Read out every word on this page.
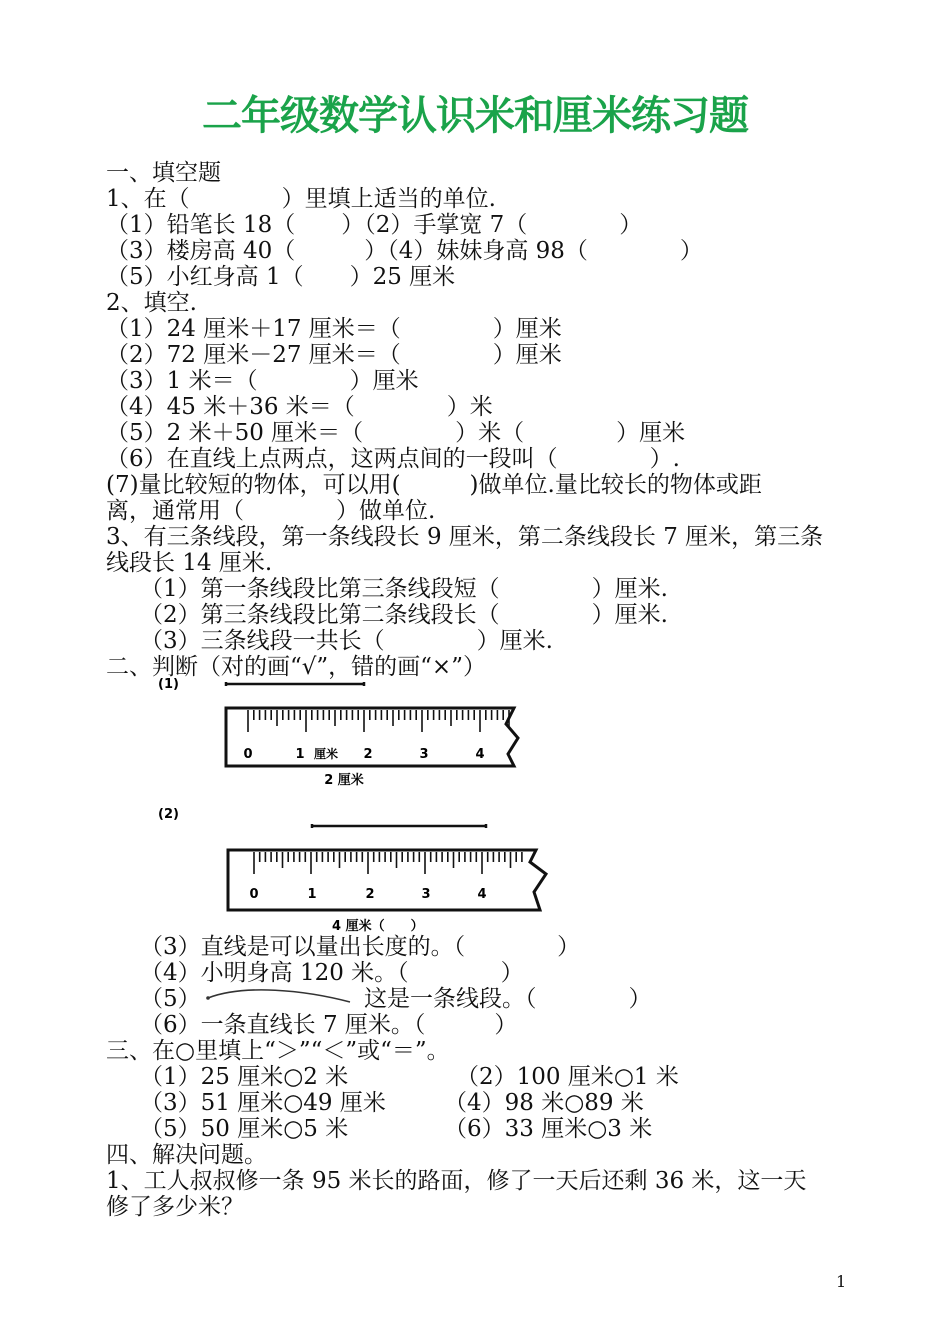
二年级数学认识米和厘米练习题
一、填空题
1、在（　　　　）里填上适当的单位.
（1）铅笔长 18（　　）（2）手掌宽 7（　　　　）
（3）楼房高 40（　　　）（4）妹妹身高 98（　　　　）
（5）小红身高 1（　　）25 厘米
2、填空.
（1）24 厘米＋17 厘米＝（　　　　）厘米
（2）72 厘米－27 厘米＝（　　　　）厘米
（3）1 米＝（　　　　）厘米
（4）45 米＋36 米＝（　　　　）米
（5）2 米＋50 厘米＝（　　　　）米（　　　　）厘米
（6）在直线上点两点，这两点间的一段叫（　　　　）.
(7)量比较短的物体，可以用(　　　)做单位.量比较长的物体或距
离，通常用（　　　　）做单位.
3、有三条线段，第一条线段长 9 厘米，第二条线段长 7 厘米，第三条
线段长 14 厘米.
（1）第一条线段比第三条线段短（　　　　）厘米.
（2）第三条线段比第二条线段长（　　　　）厘米.
（3）三条线段一共长（　　　　）厘米.
二、判断（对的画“√”，错的画“×”）
(1)
0	1 厘米 2	3	4
2 厘米
(2)
0	1	2	3	4
4 厘米（　　）
（3）直线是可以量出长度的。（　　　　）
（4）小明身高 120 米。（　　　　）
（5）	这是一条线段。（　　　　）
（6）一条直线长 7 厘米。（　　　）
三、在○里填上“＞”“＜”或“＝”。
（1）25 厘米○2 米	（2）100 厘米○1 米
（3）51 厘米○49 厘米	（4）98 米○89 米
（5）50 厘米○5 米	（6）33 厘米○3 米
四、解决问题。
1、工人叔叔修一条 95 米长的路面，修了一天后还剩 36 米，这一天
修了多少米？
1
